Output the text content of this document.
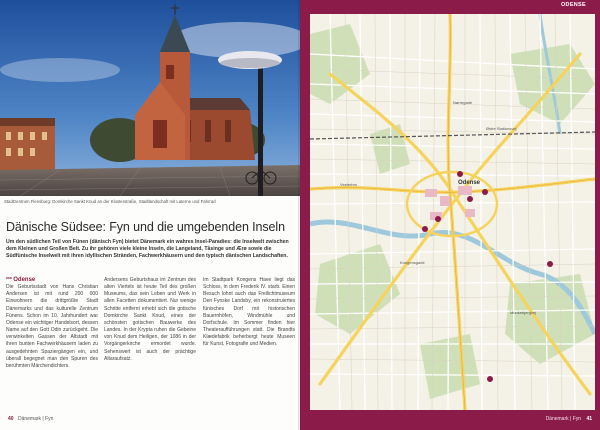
Stadtzentrum Flensburg: Domkirche Sankt Knud an der Klosterstraße, Stadtlandschaft mit Laterne und Fahrrad
Dänische Südsee: Fyn und die umgebenden Inseln
Um den südlichen Teil von Fünen (dänisch Fyn) bietet Dänemark ein wahres Insel-Paradies: die Inselwelt zwischen dem Kleinen und Großen Belt. Zu ihr gehören viele kleine Inseln, die Langeland, Tåsinge und Ærø sowie die Südfünische Inselwelt mit ihren idyllischen Stränden, Fachwerkhäusern und den typisch dänischen Landschaften.
*** Odense
Die Geburtsstadt von Hans Christian Andersen ist mit rund 200 000 Einwohnern die drittgrößte Stadt Dänemarks und das kulturelle Zentrum Fünens. Schon im 10. Jahrhundert war Odense ein wichtiger Handelsort, dessen Name auf den Gott Odin zurückgeht. Die verwinkelten Gassen der Altstadt mit ihren bunten Fachwerkhäusern laden zu ausgedehnten Spaziergängen ein, und überall begegnet man den Spuren des berühmten Märchendichters.
Andersens Geburtshaus im Zentrum des alten Viertels ist heute Teil des großen Museums, das sein Leben und Werk in allen Facetten dokumentiert. Nur wenige Schritte entfernt erhebt sich die gotische Domkirche Sankt Knud, eines der schönsten gotischen Bauwerke des Landes. In der Krypta ruhen die Gebeine von Knud dem Heiligen, der 1086 in der Vorgängerkirche ermordet wurde. Sehenswert ist auch der prächtige Altaraufsatz.
Im Stadtpark Kongens Have liegt das Schloss, in dem Frederik IV. starb. Einen Besuch lohnt auch das Freilichtmuseum Den Fynske Landsby, ein rekonstruiertes fünisches Dorf mit historischen Bauernhöfen, Windmühle und Dorfschule. Im Sommer finden hier Theateraufführungen statt. Die Brandts Klædefabrik beherbergt heute Museen für Kunst, Fotografie und Medien.
40 Dänemark | Fyn
ODENSE
Odense
Østre Stationsvej
Vesterbro
Nørregade
Munkebjergvej
Kongensgade
Dänemark | Fyn 41
